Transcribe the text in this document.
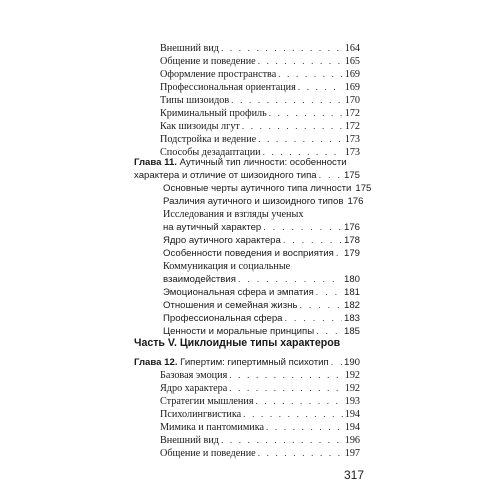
Внешний вид . . .	164
Общение и поведение . . .	165
Оформление пространства . . .	169
Профессиональная ориентация . . .	169
Типы шизоидов . . .	170
Криминальный профиль . . .	172
Как шизоиды лгут . . .	172
Подстройка и ведение . . .	173
Способы дезадаптации . . .	173
Глава 11. Аутичный тип личности: особенности
характера и отличие от шизоидного типа . . .	175
Основные черты аутичного типа личности 175
Различия аутичного и шизоидного типов 176
Исследования и взгляды ученых
на аутичный характер . . .	176
Ядро аутичного характера . . .	178
Особенности поведения и восприятия . . . 179
Коммуникация и социальные
взаимодействия . . .	180
Эмоциональная сфера и эмпатия . . .	181
Отношения и семейная жизнь . . .	182
Профессиональная сфера . . .	183
Ценности и моральные принципы . . .	185
Часть V. Циклоидные типы характеров
Глава 12. Гипертим: гипертимный психотип . . . 190
Базовая эмоция . . .	192
Ядро характера . . .	192
Стратегии мышления . . .	193
Психолингвистика . . .	194
Мимика и пантомимика . . .	194
Внешний вид . . .	196
Общение и поведение . . .	197
317
